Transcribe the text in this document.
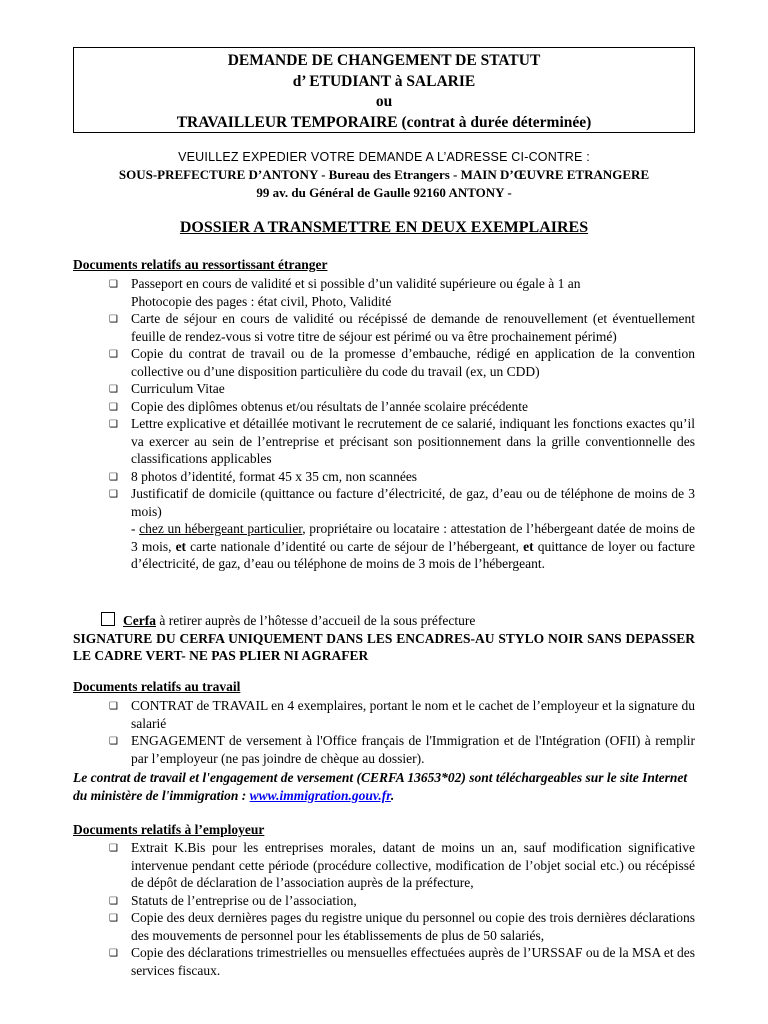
DEMANDE DE CHANGEMENT DE STATUT
d’ ETUDIANT à SALARIE
ou
TRAVAILLEUR TEMPORAIRE (contrat à durée déterminée)
VEUILLEZ EXPEDIER VOTRE DEMANDE A L’ADRESSE CI-CONTRE :
SOUS-PREFECTURE D’ANTONY - Bureau des Etrangers - MAIN D’ŒUVRE ETRANGERE
99 av. du Général de Gaulle 92160 ANTONY -
DOSSIER A TRANSMETTRE EN DEUX EXEMPLAIRES
Documents relatifs au ressortissant étranger
❑ Passeport en cours de validité et si possible d’un validité supérieure ou égale à 1 an
Photocopie des pages : état civil, Photo, Validité
❑ Carte de séjour en cours de validité ou récépissé de demande de renouvellement (et éventuellement feuille de rendez-vous si votre titre de séjour est périmé ou va être prochainement périmé)
❑ Copie du contrat de travail ou de la promesse d’embauche, rédigé en application de la convention collective ou d’une disposition particulière du code du travail (ex, un CDD)
❑ Curriculum Vitae
❑ Copie des diplômes obtenus et/ou résultats de l’année scolaire précédente
❑ Lettre explicative et détaillée motivant le recrutement de ce salarié, indiquant les fonctions exactes qu’il va exercer au sein de l’entreprise et précisant son positionnement dans la grille conventionnelle des classifications applicables
❑ 8 photos d’identité, format 45 x 35 cm, non scannées
❑ Justificatif de domicile (quittance ou facture d’électricité, de gaz, d’eau ou de téléphone de moins de 3 mois)
- chez un hébergeant particulier, propriétaire ou locataire : attestation de l’hébergeant datée de moins de 3 mois, et carte nationale d’identité ou carte de séjour de l’hébergeant, et quittance de loyer ou facture d’électricité, de gaz, d’eau ou téléphone de moins de 3 mois de l’hébergeant.
Cerfa à retirer auprès de l’hôtesse d’accueil de la sous préfecture
SIGNATURE DU CERFA UNIQUEMENT DANS LES ENCADRES-AU STYLO NOIR SANS DEPASSER LE CADRE VERT- NE PAS PLIER NI AGRAFER
Documents relatifs au travail
❑ CONTRAT de TRAVAIL en 4 exemplaires, portant le nom et le cachet de l’employeur et la signature du salarié
❑ ENGAGEMENT de versement à l'Office français de l'Immigration et de l'Intégration (OFII) à remplir par l’employeur (ne pas joindre de chèque au dossier).
Le contrat de travail et l'engagement de versement (CERFA 13653*02) sont téléchargeables sur le site Internet du ministère de l'immigration : www.immigration.gouv.fr.
Documents relatifs à l’employeur
❑ Extrait K.Bis pour les entreprises morales, datant de moins un an, sauf modification significative intervenue pendant cette période (procédure collective, modification de l’objet social etc.) ou récépissé de dépôt de déclaration de l’association auprès de la préfecture,
❑ Statuts de l’entreprise ou de l’association,
❑ Copie des deux dernières pages du registre unique du personnel ou copie des trois dernières déclarations des mouvements de personnel pour les établissements de plus de 50 salariés,
❑ Copie des déclarations trimestrielles ou mensuelles effectuées auprès de l’URSSAF ou de la MSA et des services fiscaux.
